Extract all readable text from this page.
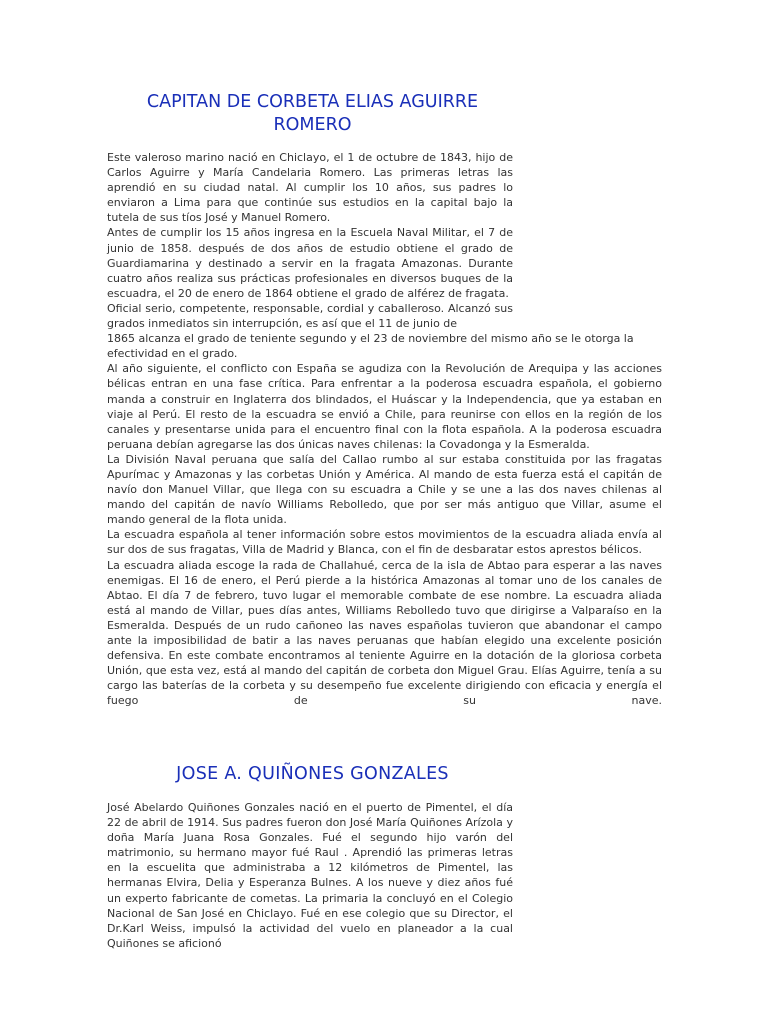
CAPITAN DE CORBETA ELIAS AGUIRRE
ROMERO
Este valeroso marino nació en Chiclayo, el 1 de octubre de 1843, hijo de Carlos Aguirre y María Candelaria Romero. Las primeras letras las aprendió en su ciudad natal. Al cumplir los 10 años, sus padres lo enviaron a Lima para que continúe sus estudios en la capital bajo la tutela de sus tíos José y Manuel Romero.
Antes de cumplir los 15 años ingresa en la Escuela Naval Militar, el 7 de junio de 1858. después de dos años de estudio obtiene el grado de Guardiamarina y destinado a servir en la fragata Amazonas. Durante cuatro años realiza sus prácticas profesionales en diversos buques de la escuadra, el 20 de enero de 1864 obtiene el grado de alférez de fragata.
Oficial serio, competente, responsable, cordial y caballeroso. Alcanzó sus grados inmediatos sin interrupción, es así que el 11 de junio de
1865 alcanza el grado de teniente segundo y el 23 de noviembre del mismo año se le otorga la efectividad en el grado.
Al año siguiente, el conflicto con España se agudiza con la Revolución de Arequipa y las acciones bélicas entran en una fase crítica. Para enfrentar a la poderosa escuadra española, el gobierno manda a construir en Inglaterra dos blindados, el Huáscar y la Independencia, que ya estaban en viaje al Perú. El resto de la escuadra se envió a Chile, para reunirse con ellos en la región de los canales y presentarse unida para el encuentro final con la flota española. A la poderosa escuadra peruana debían agregarse las dos únicas naves chilenas: la Covadonga y la Esmeralda.
La División Naval peruana que salía del Callao rumbo al sur estaba constituida por las fragatas Apurímac y Amazonas y las corbetas Unión y América. Al mando de esta fuerza está el capitán de navío don Manuel Villar, que llega con su escuadra a Chile y se une a las dos naves chilenas al mando del capitán de navío Williams Rebolledo, que por ser más antiguo que Villar, asume el mando general de la flota unida.
La escuadra española al tener información sobre estos movimientos de la escuadra aliada envía al sur dos de sus fragatas, Villa de Madrid y Blanca, con el fin de desbaratar estos aprestos bélicos.
La escuadra aliada escoge la rada de Challahué, cerca de la isla de Abtao para esperar a las naves enemigas. El 16 de enero, el Perú pierde a la histórica Amazonas al tomar uno de los canales de Abtao. El día 7 de febrero, tuvo lugar el memorable combate de ese nombre. La escuadra aliada está al mando de Villar, pues días antes, Williams Rebolledo tuvo que dirigirse a Valparaíso en la Esmeralda. Después de un rudo cañoneo las naves españolas tuvieron que abandonar el campo ante la imposibilidad de batir a las naves peruanas que habían elegido una excelente posición defensiva. En este combate encontramos al teniente Aguirre en la dotación de la gloriosa corbeta Unión, que esta vez, está al mando del capitán de corbeta don Miguel Grau. Elías Aguirre, tenía a su cargo las baterías de la corbeta y su desempeño fue excelente dirigiendo con eficacia y energía el fuego de su nave.
JOSE A. QUIÑONES GONZALES
José Abelardo Quiñones Gonzales nació en el puerto de Pimentel, el día 22 de abril de 1914. Sus padres fueron don José María Quiñones Arízola y doña María Juana Rosa Gonzales. Fué el segundo hijo varón del matrimonio, su hermano mayor fué Raul . Aprendió las primeras letras en la escuelita que administraba a 12 kilómetros de Pimentel, las hermanas Elvira, Delia y Esperanza Bulnes. A los nueve y diez años fué un experto fabricante de cometas. La primaria la concluyó en el Colegio Nacional de San José en Chiclayo. Fué en ese colegio que su Director, el Dr.Karl Weiss, impulsó la actividad del vuelo en planeador a la cual Quiñones se aficionó
